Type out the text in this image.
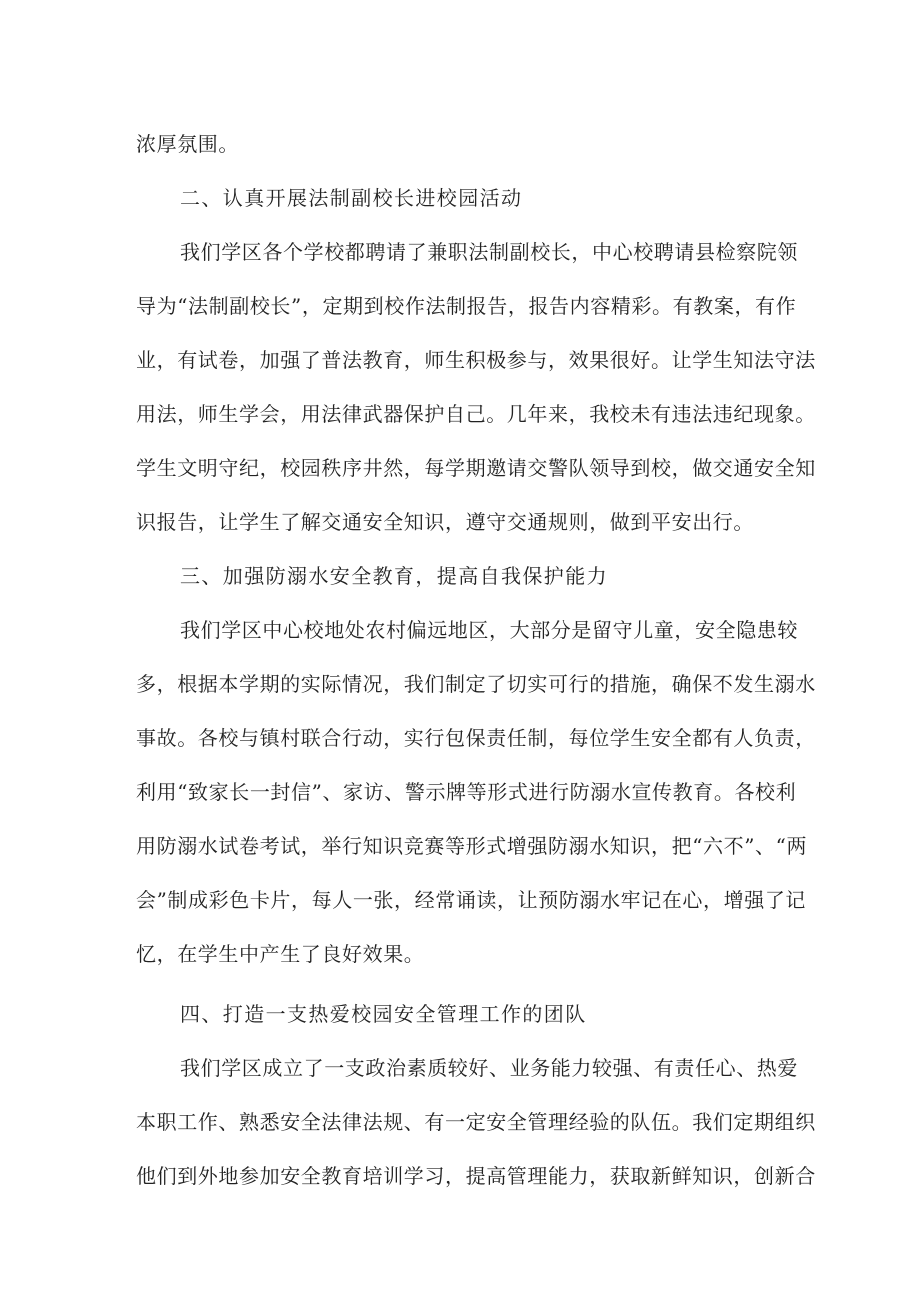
浓厚氛围。
二、认真开展法制副校长进校园活动
我们学区各个学校都聘请了兼职法制副校长，中心校聘请县检察院领
导为“法制副校长”，定期到校作法制报告，报告内容精彩。有教案，有作
业，有试卷，加强了普法教育，师生积极参与，效果很好。让学生知法守法
用法，师生学会，用法律武器保护自己。几年来，我校未有违法违纪现象。
学生文明守纪，校园秩序井然，每学期邀请交警队领导到校，做交通安全知
识报告，让学生了解交通安全知识，遵守交通规则，做到平安出行。
三、加强防溺水安全教育，提高自我保护能力
我们学区中心校地处农村偏远地区，大部分是留守儿童，安全隐患较
多，根据本学期的实际情况，我们制定了切实可行的措施，确保不发生溺水
事故。各校与镇村联合行动，实行包保责任制，每位学生安全都有人负责，
利用“致家长一封信”、家访、警示牌等形式进行防溺水宣传教育。各校利
用防溺水试卷考试，举行知识竞赛等形式增强防溺水知识，把“六不”、“两
会”制成彩色卡片，每人一张，经常诵读，让预防溺水牢记在心，增强了记
忆，在学生中产生了良好效果。
四、打造一支热爱校园安全管理工作的团队
我们学区成立了一支政治素质较好、业务能力较强、有责任心、热爱
本职工作、熟悉安全法律法规、有一定安全管理经验的队伍。我们定期组织
他们到外地参加安全教育培训学习，提高管理能力，获取新鲜知识，创新合
